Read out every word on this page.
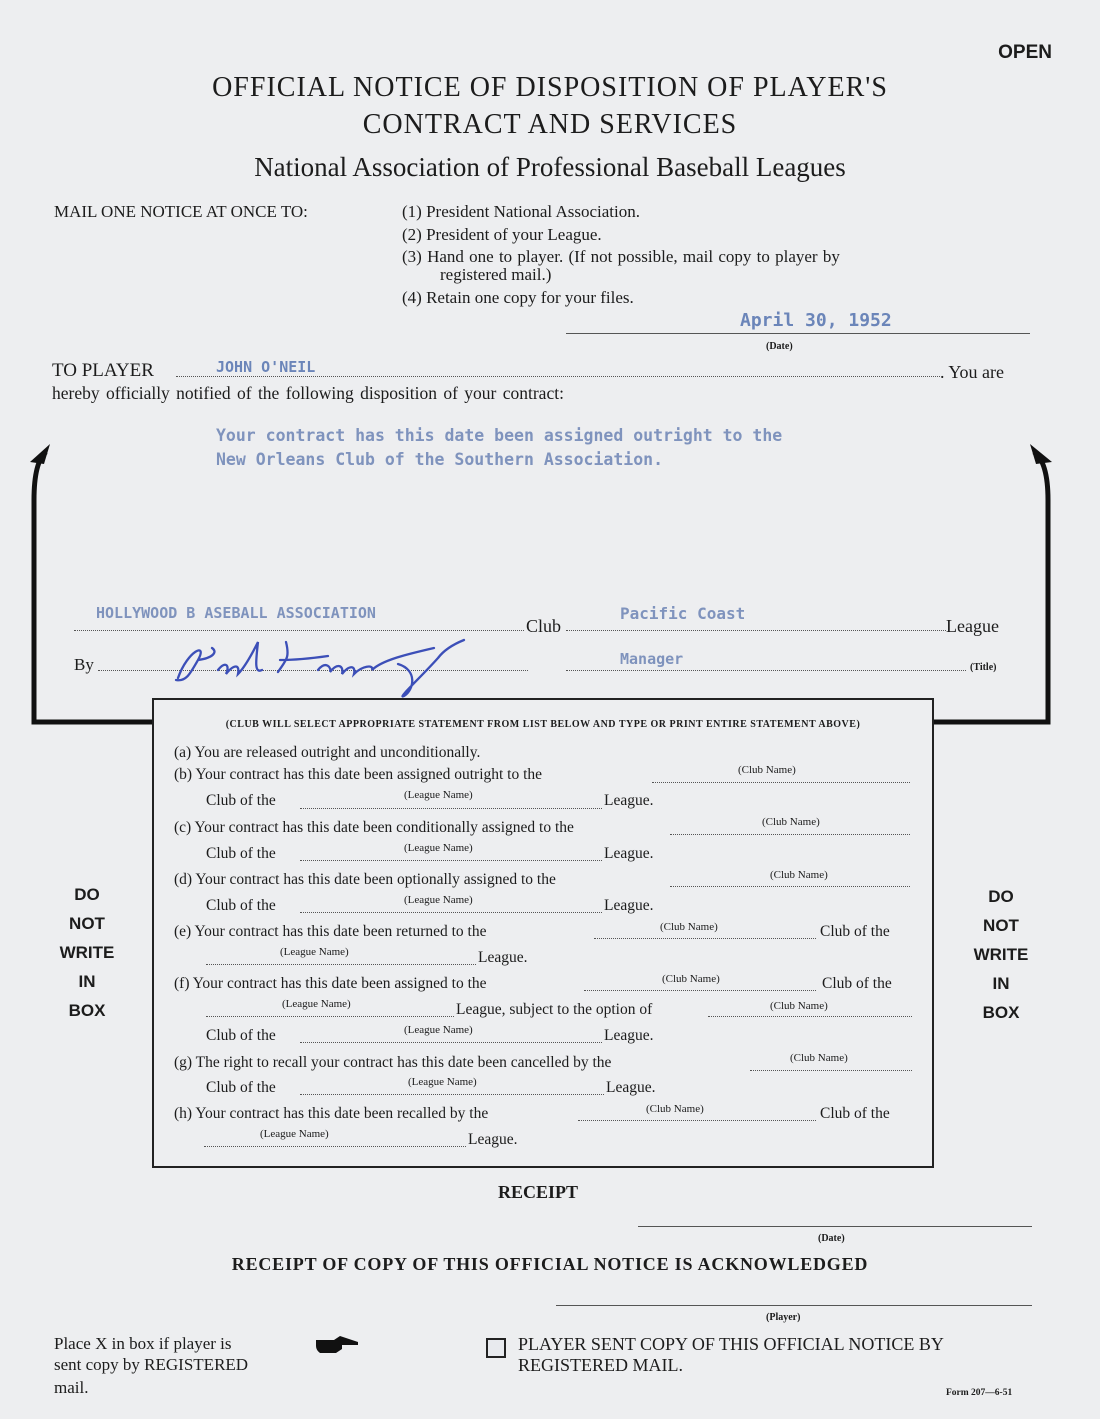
OPEN
OFFICIAL NOTICE OF DISPOSITION OF PLAYER'S
CONTRACT AND SERVICES
National Association of Professional Baseball Leagues
MAIL ONE NOTICE AT ONCE TO:	(1) President National Association.
(2) President of your League.
(3) Hand one to player. (If not possible, mail copy to player by
registered mail.)
(4) Retain one copy for your files.
April 30, 1952
(Date)
TO PLAYER	JOHN O'NEIL	. You are
hereby officially notified of the following disposition of your contract:
Your contract has this date been assigned outright to the
New Orleans Club of the Southern Association.
HOLLYWOOD B ASEBALL ASSOCIATION
Club
Pacific Coast
League
By	Manager	(Title)
(CLUB WILL SELECT APPROPRIATE STATEMENT FROM LIST BELOW AND TYPE OR PRINT ENTIRE STATEMENT ABOVE)
(a) You are released outright and unconditionally.
(b) Your contract has this date been assigned outright to the	(Club Name)
Club of the	(League Name)	League.
(c) Your contract has this date been conditionally assigned to the	(Club Name)
Club of the	(League Name)	League.
(d) Your contract has this date been optionally assigned to the	(Club Name)
Club of the	(League Name)	League.
(e) Your contract has this date been returned to the	(Club Name)	Club of the
(League Name)	League.
(f) Your contract has this date been assigned to the	(Club Name)	Club of the
(League Name)	League, subject to the option of	(Club Name)
Club of the	(League Name)	League.
(g) The right to recall your contract has this date been cancelled by the	(Club Name)
Club of the	(League Name)	League.
(h) Your contract has this date been recalled by the	(Club Name)	Club of the
(League Name)	League.
DO
NOT
WRITE
IN
BOX
DO
NOT
WRITE
IN
BOX
RECEIPT
(Date)
RECEIPT OF COPY OF THIS OFFICIAL NOTICE IS ACKNOWLEDGED
(Player)
Place X in box if player is
sent copy by REGISTERED
mail.
PLAYER SENT COPY OF THIS OFFICIAL NOTICE BY
REGISTERED MAIL.
Form 207—6-51
